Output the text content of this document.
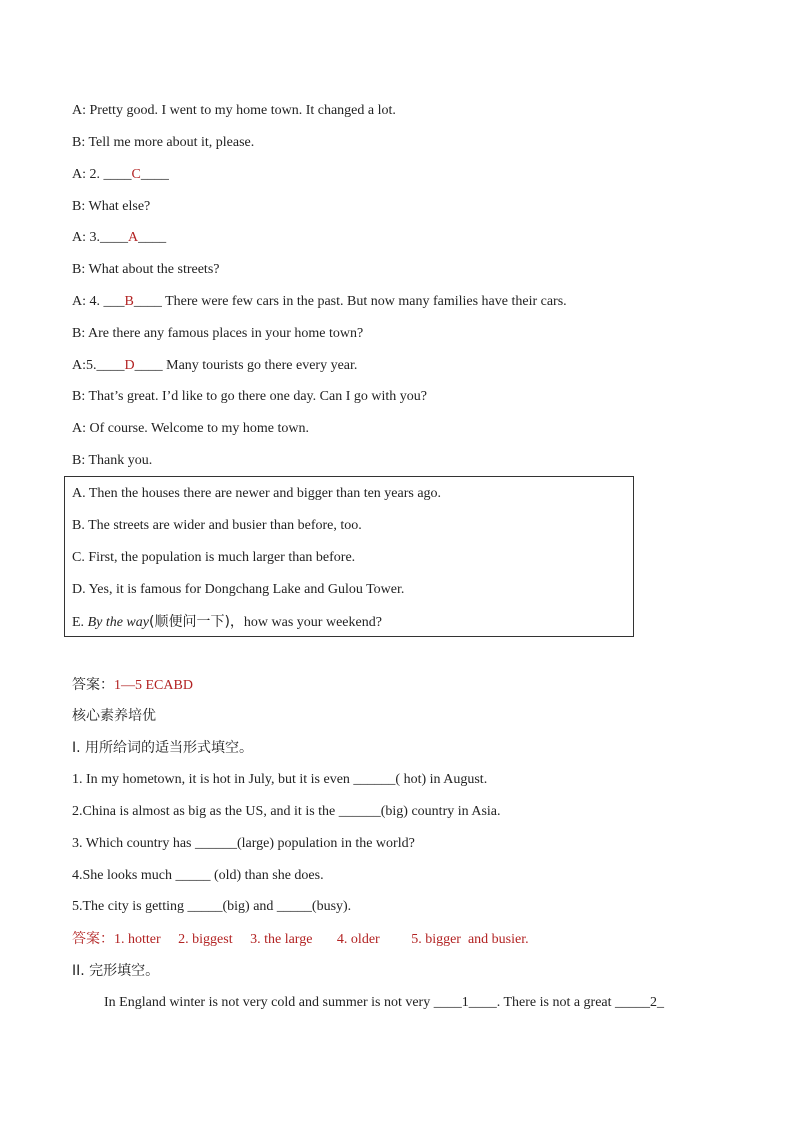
A: Pretty good. I went to my home town. It changed a lot.
B: Tell me more about it, please.
A: 2. ____C____
B: What else?
A: 3.____A____
B: What about the streets?
A: 4. ___B____ There were few cars in the past. But now many families have their cars.
B: Are there any famous places in your home town?
A:5.____D____ Many tourists go there every year.
B: That’s great. I’d like to go there one day. Can I go with you?
A: Of course. Welcome to my home town.
B: Thank you.
A. Then the houses there are newer and bigger than ten years ago.
B. The streets are wider and busier than before, too.
C. First, the population is much larger than before.
D. Yes, it is famous for Dongchang Lake and Gulou Tower.
E. By the way(顺便问一下)，how was your weekend?
答案：1—5 ECABD
核心素养培优
I. 用所给词的适当形式填空。
1. In my hometown, it is hot in July, but it is even ______( hot) in August.
2.China is almost as big as the US, and it is the ______(big) country in Asia.
3. Which country has ______(large) population in the world?
4.She looks much _____ (old) than she does.
5.The city is getting _____(big) and _____(busy).
答案：1. hotter     2. biggest     3. the large       4. older         5. bigger  and busier.
II. 完形填空。
In England winter is not very cold and summer is not very ____1____. There is not a great _____2_
